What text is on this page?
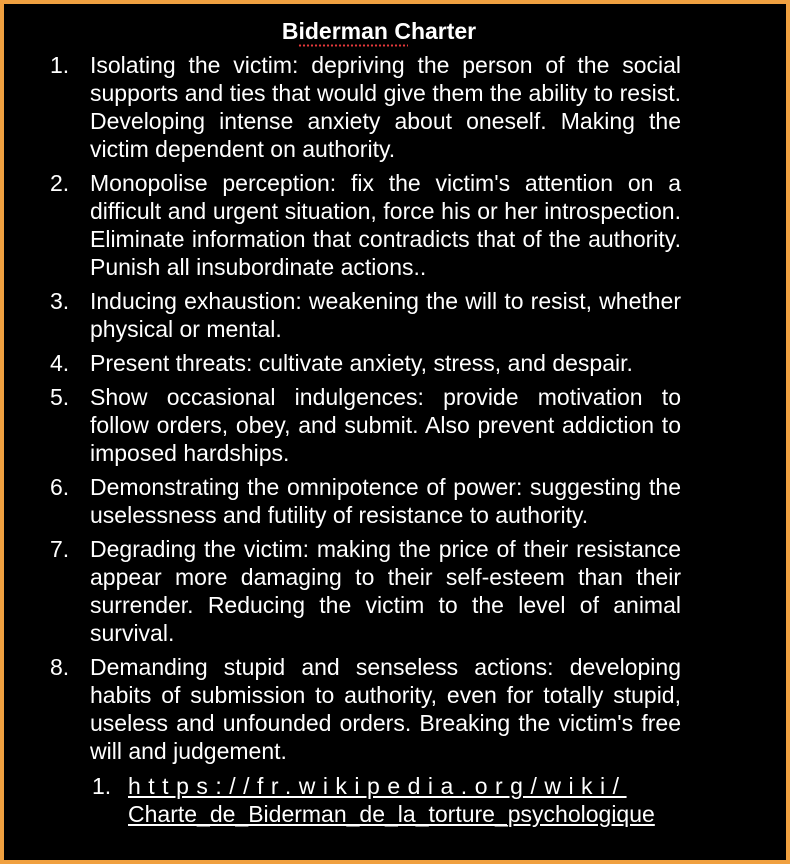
Biderman Charter
1. Isolating the victim: depriving the person of the social supports and ties that would give them the ability to resist. Developing intense anxiety about oneself. Making the victim dependent on authority.
2. Monopolise perception: fix the victim's attention on a difficult and urgent situation, force his or her introspection. Eliminate information that contradicts that of the authority. Punish all insubordinate actions..
3. Inducing exhaustion: weakening the will to resist, whether physical or mental.
4. Present threats: cultivate anxiety, stress, and despair.
5. Show occasional indulgences: provide motivation to follow orders, obey, and submit. Also prevent addiction to imposed hardships.
6. Demonstrating the omnipotence of power: suggesting the uselessness and futility of resistance to authority.
7. Degrading the victim: making the price of their resistance appear more damaging to their self-esteem than their surrender. Reducing the victim to the level of animal survival.
8. Demanding stupid and senseless actions: developing habits of submission to authority, even for totally stupid, useless and unfounded orders. Breaking the victim's free will and judgement.
1. https://fr.wikipedia.org/wiki/
Charte_de_Biderman_de_la_torture_psychologique
